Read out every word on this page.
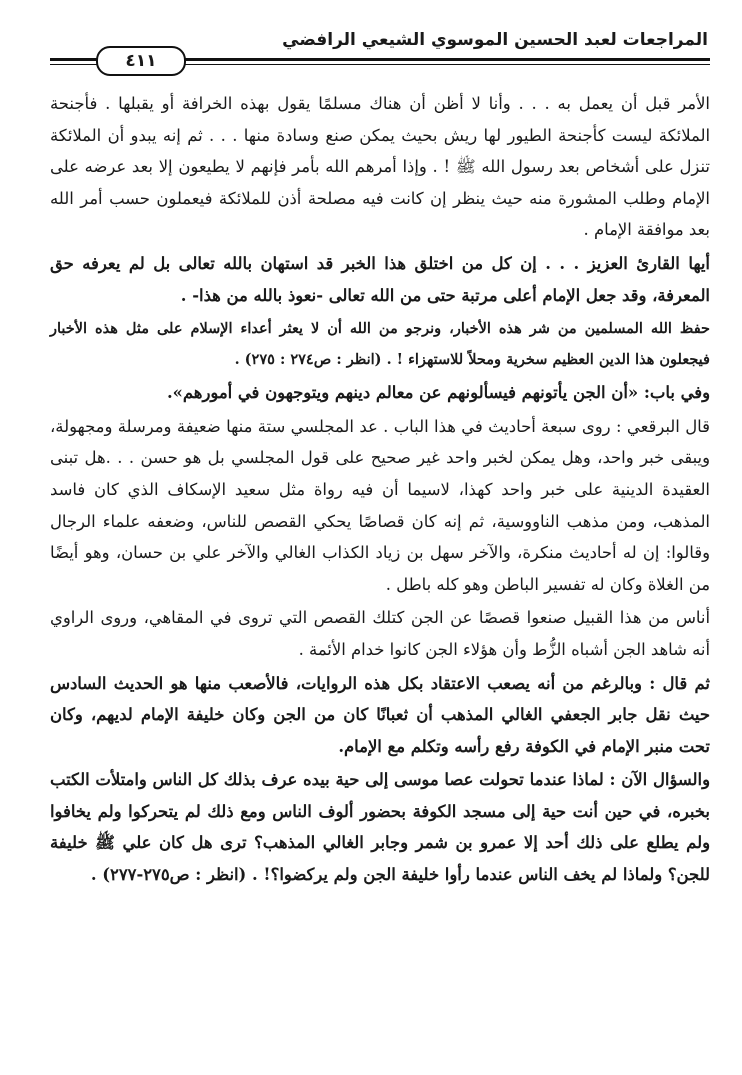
المراجعات لعبد الحسين الموسوي الشيعي الرافضي
٤١١

الأمر قبل أن يعمل به . . . وأنا لا أظن أن هناك مسلمًا يقول بهذه الخرافة أو يقبلها . فأجنحة الملائكة ليست كأجنحة الطيور لها ريش بحيث يمكن صنع وسادة منها . . . ثم إنه يبدو أن الملائكة تنزل على أشخاص بعد رسول الله ﷺ ! . وإذا أمرهم الله بأمر فإنهم لا يطيعون إلا بعد عرضه على الإمام وطلب المشورة منه حيث ينظر إن كانت فيه مصلحة أذن للملائكة فيعملون حسب أمر الله بعد موافقة الإمام .

أيها القارئ العزيز . . . إن كل من اختلق هذا الخبر قد استهان بالله تعالى بل لم يعرفه حق المعرفة، وقد جعل الإمام أعلى مرتبة حتى من الله تعالى -نعوذ بالله من هذا- .

حفظ الله المسلمين من شر هذه الأخبار، ونرجو من الله أن لا يعثر أعداء الإسلام على مثل هذه الأخبار فيجعلون هذا الدين العظيم سخرية ومحلاً للاستهزاء ! . (انظر : ص٢٧٤ : ٢٧٥) .

وفي باب: «أن الجن يأتونهم فيسألونهم عن معالم دينهم ويتوجهون في أمورهم».

قال البرقعي : روى سبعة أحاديث في هذا الباب . عد المجلسي ستة منها ضعيفة ومرسلة ومجهولة، ويبقى خبر واحد، وهل يمكن لخبر واحد غير صحيح على قول المجلسي بل هو حسن . . .هل تبنى العقيدة الدينية على خبر واحد كهذا، لاسيما أن فيه رواة مثل سعيد الإسكاف الذي كان فاسد المذهب، ومن مذهب الناووسية، ثم إنه كان قصاصًا يحكي القصص للناس، وضعفه علماء الرجال وقالوا: إن له أحاديث منكرة، والآخر سهل بن زياد الكذاب الغالي والآخر علي بن حسان، وهو أيضًا من الغلاة وكان له تفسير الباطن وهو كله باطل .

أناس من هذا القبيل صنعوا قصصًا عن الجن كتلك القصص التي تروى في المقاهي، وروى الراوي أنه شاهد الجن أشباه الزُّط وأن هؤلاء الجن كانوا خدام الأئمة .

ثم قال : وبالرغم من أنه يصعب الاعتقاد بكل هذه الروايات، فالأصعب منها هو الحديث السادس حيث نقل جابر الجعفي الغالي المذهب أن ثعبانًا كان من الجن وكان خليفة الإمام لديهم، وكان تحت منبر الإمام في الكوفة رفع رأسه وتكلم مع الإمام.

والسؤال الآن : لماذا عندما تحولت عصا موسى إلى حية بيده عرف بذلك كل الناس وامتلأت الكتب بخبره، في حين أنت حية إلى مسجد الكوفة بحضور ألوف الناس ومع ذلك لم يتحركوا ولم يخافوا ولم يطلع على ذلك أحد إلا عمرو بن شمر وجابر الغالي المذهب؟ ترى هل كان علي ﷺ خليفة للجن؟ ولماذا لم يخف الناس عندما رأوا خليفة الجن ولم يركضوا؟! . (انظر : ص٢٧٥-٢٧٧) .
